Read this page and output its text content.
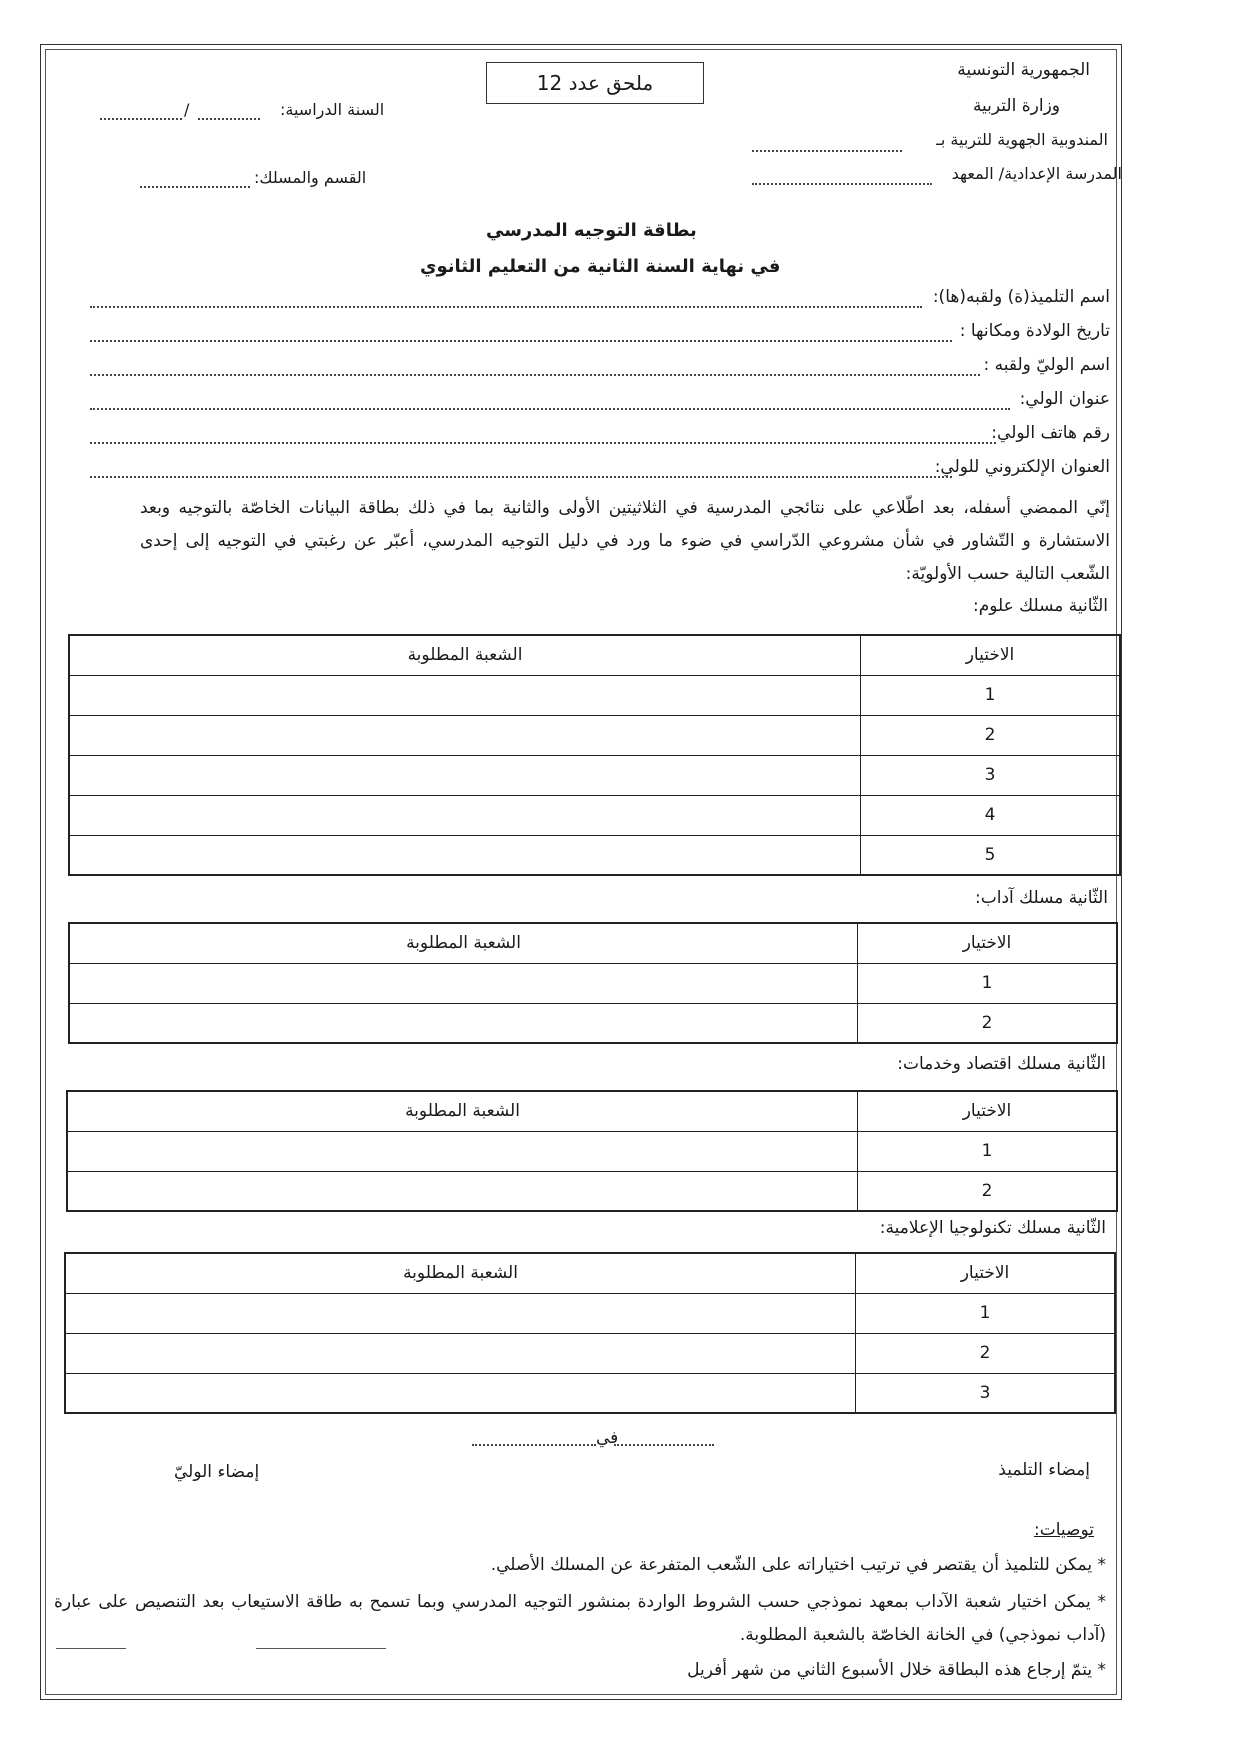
الجمهورية التونسية
وزارة التربية
المندوبية الجهوية للتربية بـ
المدرسة الإعدادية/ المعهد
ملحق عدد 12
السنة الدراسية:
/
القسم والمسلك:
بطاقة التوجيه المدرسي
في نهاية السنة الثانية من التعليم الثانوي
اسم التلميذ(ة) ولقبه(ها):
تاريخ الولادة ومكانها :
اسم الوليّ ولقبه :
عنوان الولي:
رقم هاتف الولي:
العنوان الإلكتروني للولي:
إنّي الممضي أسفله، بعد اطّلاعي على نتائجي المدرسية في الثلاثيتين الأولى والثانية بما في ذلك بطاقة البيانات الخاصّة بالتوجيه وبعد الاستشارة و التّشاور في شأن مشروعي الدّراسي في ضوء ما ورد في دليل التوجيه المدرسي، أعبّر عن رغبتي في التوجيه إلى إحدى الشّعب التالية حسب الأولويّة:
الثّانية مسلك علوم:
الاختيار	الشعبة المطلوبة
1	
2	
3	
4	
5	
الثّانية مسلك آداب:
الاختيار	الشعبة المطلوبة
1	
2	
الثّانية مسلك اقتصاد وخدمات:
الاختيار	الشعبة المطلوبة
1	
2	
الثّانية مسلك تكنولوجيا الإعلامية:
الاختيار	الشعبة المطلوبة
1	
2	
3	
في
إمضاء التلميذ
إمضاء الوليّ
توصيات:
* يمكن للتلميذ أن يقتصر في ترتيب اختياراته على الشّعب المتفرعة عن المسلك الأصلي.
* يمكن اختيار شعبة الآداب بمعهد نموذجي حسب الشروط الواردة بمنشور التوجيه المدرسي وبما تسمح به طاقة الاستيعاب بعد التنصيص على عبارة (آداب نموذجي) في الخانة الخاصّة بالشعبة المطلوبة.
* يتمّ إرجاع هذه البطاقة خلال الأسبوع الثاني من شهر أفريل
